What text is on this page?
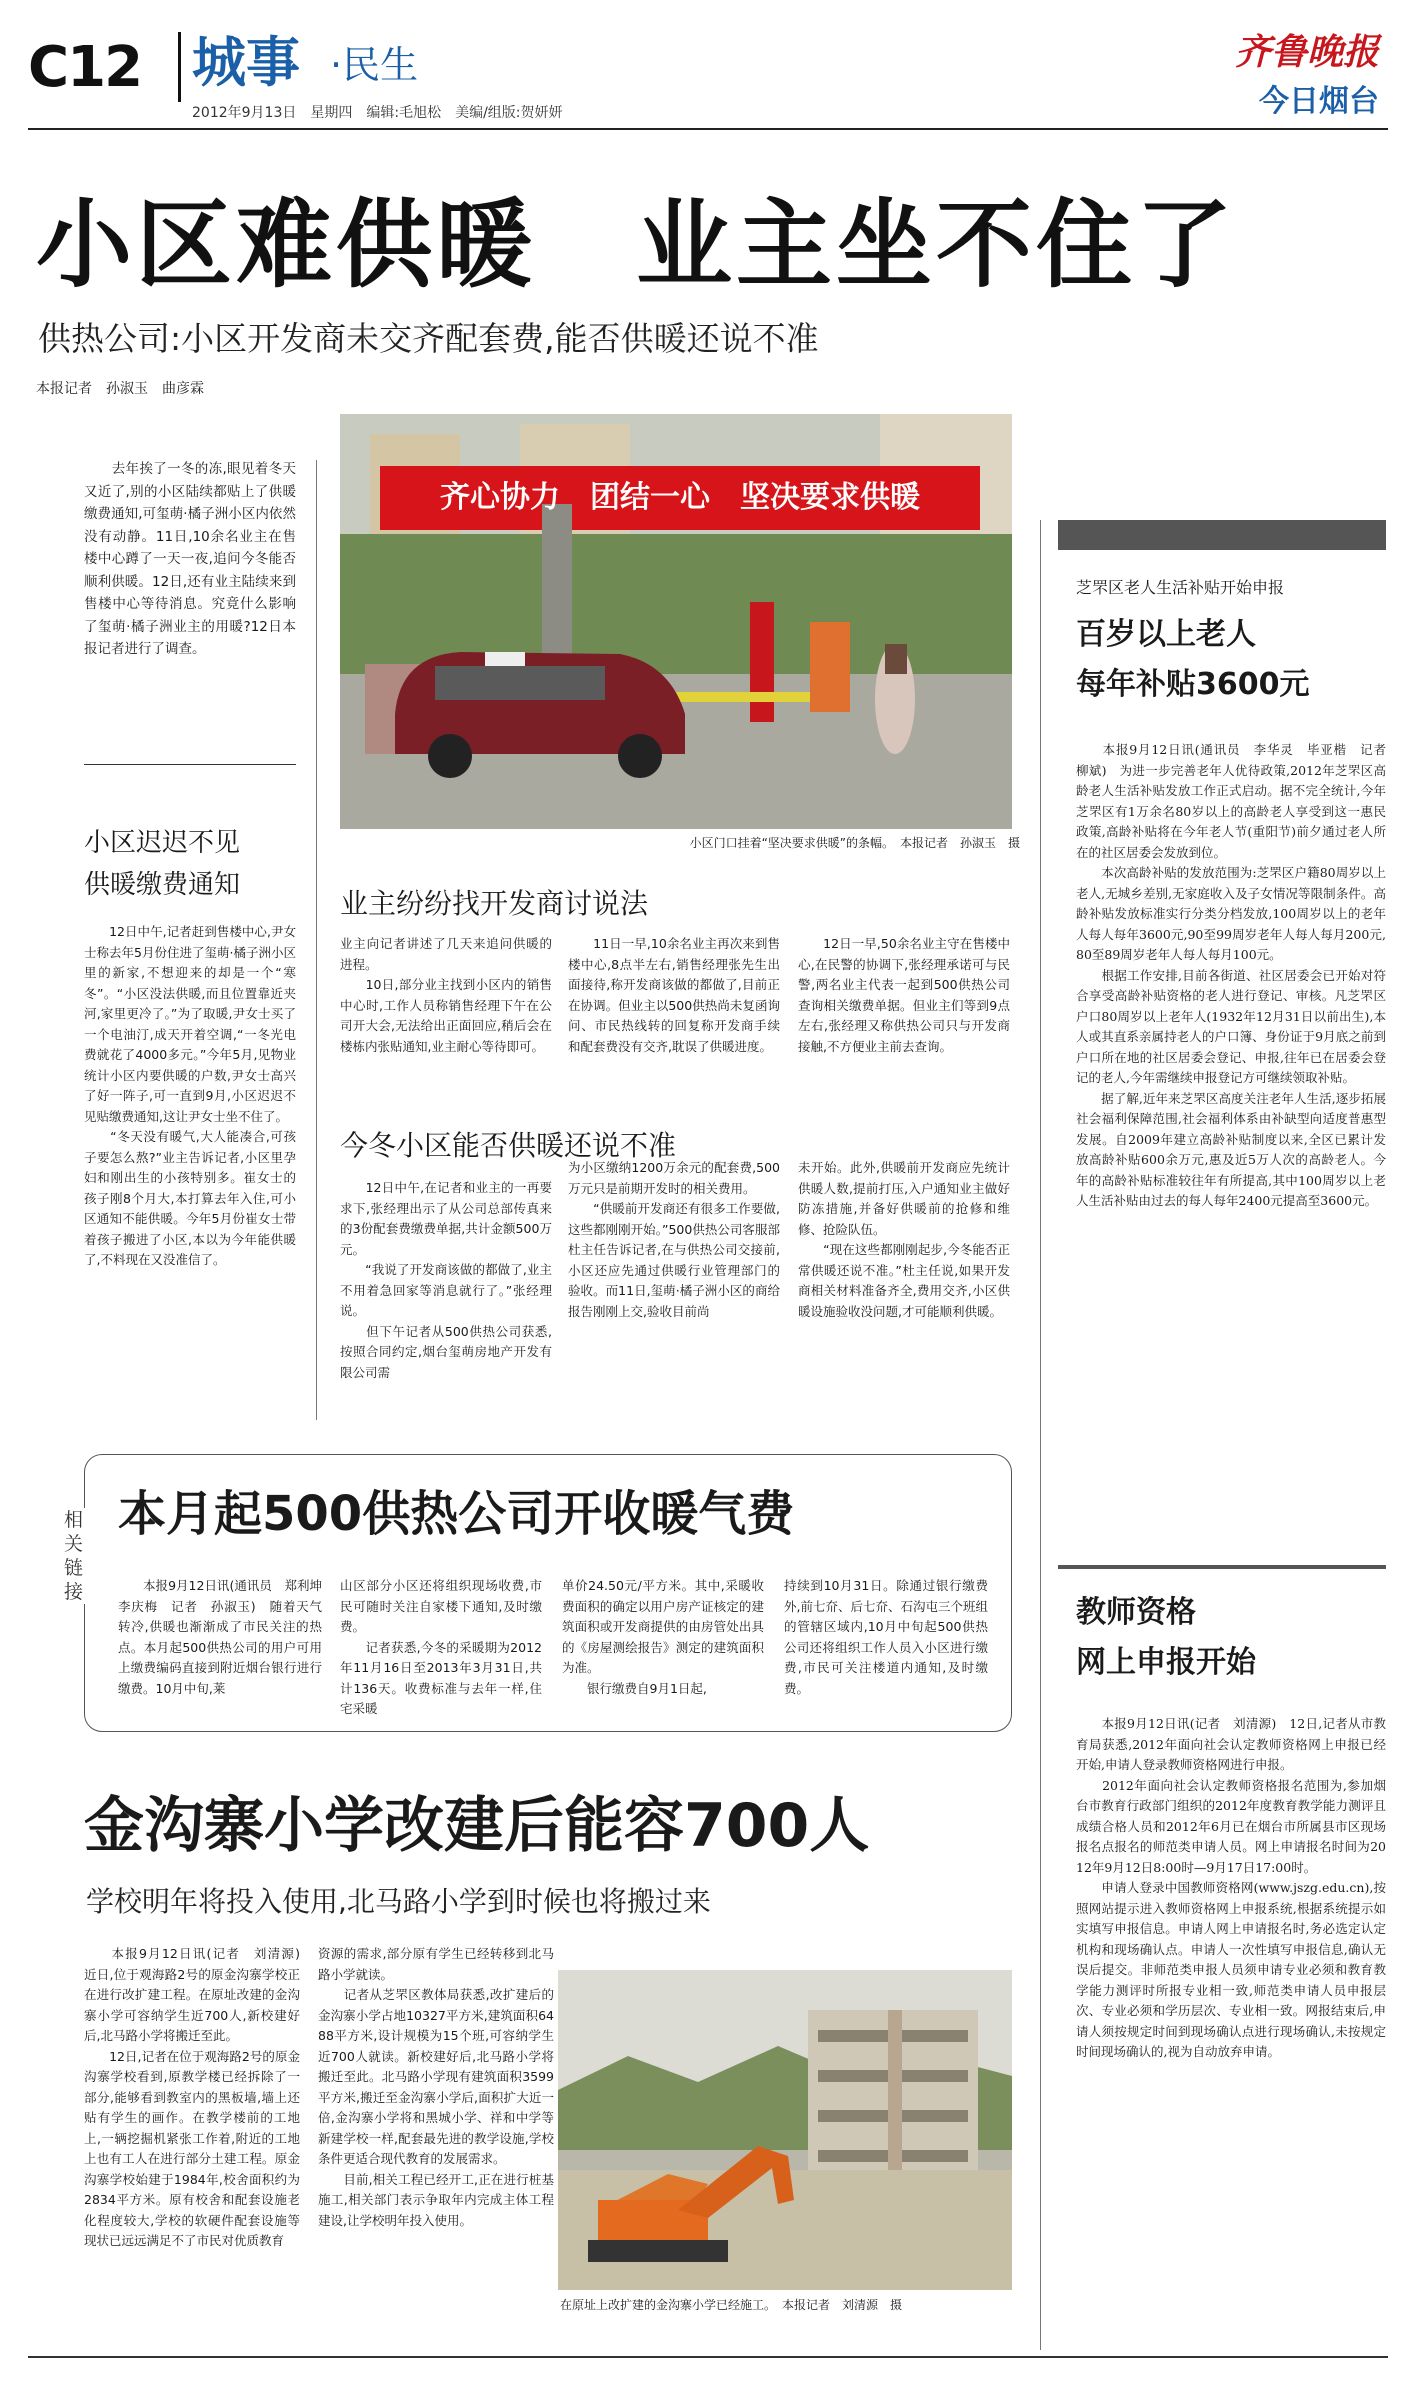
C12 城事 ·民生
2012年9月13日　星期四　编辑:毛旭松　美编/组版:贺妍妍
齐鲁晚报
今日烟台
小区难供暖　业主坐不住了
供热公司:小区开发商未交齐配套费,能否供暖还说不准
本报记者　孙淑玉　曲彦霖
　　去年挨了一冬的冻,眼见着冬天又近了,别的小区陆续都贴上了供暖缴费通知,可玺萌·橘子洲小区内依然没有动静。11日,10余名业主在售楼中心蹲了一天一夜,追问今冬能否顺利供暖。12日,还有业主陆续来到售楼中心等待消息。究竟什么影响了玺萌·橘子洲业主的用暖?12日本报记者进行了调查。
齐心协力　团结一心　坚决要求供暖
小区门口挂着“坚决要求供暖”的条幅。　本报记者　孙淑玉　摄
小区迟迟不见
供暖缴费通知
　　12日中午,记者赶到售楼中心,尹女士称去年5月份住进了玺萌·橘子洲小区里的新家,不想迎来的却是一个“寒冬”。“小区没法供暖,而且位置靠近夹河,家里更冷了。”为了取暖,尹女士买了一个电油汀,成天开着空调,“一冬光电费就花了4000多元。”今年5月,见物业统计小区内要供暖的户数,尹女士高兴了好一阵子,可一直到9月,小区迟迟不见贴缴费通知,这让尹女士坐不住了。
　　“冬天没有暖气,大人能凑合,可孩子要怎么熬?”业主告诉记者,小区里孕妇和刚出生的小孩特别多。崔女士的孩子刚8个月大,本打算去年入住,可小区通知不能供暖。今年5月份崔女士带着孩子搬进了小区,本以为今年能供暖了,不料现在又没准信了。
业主纷纷找开发商讨说法
业主向记者讲述了几天来追问供暖的进程。
　　10日,部分业主找到小区内的销售中心时,工作人员称销售经理下午在公司开大会,无法给出正面回应,稍后会在楼栋内张贴通知,业主耐心等待即可。
　　11日一早,10余名业主再次来到售楼中心,8点半左右,销售经理张先生出面接待,称开发商该做的都做了,目前正在协调。但业主以500供热尚未复函询问、市民热线转的回复称开发商手续和配套费没有交齐,耽误了供暖进度。
　　12日一早,50余名业主守在售楼中心,在民警的协调下,张经理承诺可与民警,两名业主代表一起到500供热公司查询相关缴费单据。但业主们等到9点左右,张经理又称供热公司只与开发商接触,不方便业主前去查询。
今冬小区能否供暖还说不准
　　12日中午,在记者和业主的一再要求下,张经理出示了从公司总部传真来的3份配套费缴费单据,共计金额500万元。
　　“我说了开发商该做的都做了,业主不用着急回家等消息就行了。”张经理说。
　　但下午记者从500供热公司获悉,按照合同约定,烟台玺萌房地产开发有限公司需
为小区缴纳1200万余元的配套费,500万元只是前期开发时的相关费用。
　　“供暖前开发商还有很多工作要做,这些都刚刚开始。”500供热公司客服部杜主任告诉记者,在与供热公司交接前,小区还应先通过供暖行业管理部门的验收。而11日,玺萌·橘子洲小区的商给报告刚刚上交,验收目前尚
未开始。此外,供暖前开发商应先统计供暖人数,提前打压,入户通知业主做好防冻措施,并备好供暖前的抢修和维修、抢险队伍。
　　“现在这些都刚刚起步,今冬能否正常供暖还说不准。”杜主任说,如果开发商相关材料准备齐全,费用交齐,小区供暖设施验收没问题,才可能顺利供暖。
相关链接
本月起500供热公司开收暖气费
　　本报9月12日讯(通讯员　郑利坤　李庆梅　记者　孙淑玉)　随着天气转冷,供暖也渐渐成了市民关注的热点。本月起500供热公司的用户可用上缴费编码直接到附近烟台银行进行缴费。10月中旬,莱
山区部分小区还将组织现场收费,市民可随时关注自家楼下通知,及时缴费。
　　记者获悉,今冬的采暖期为2012年11月16日至2013年3月31日,共计136天。收费标准与去年一样,住宅采暖
单价24.50元/平方米。其中,采暖收费面积的确定以用户房产证核定的建筑面积或开发商提供的由房管处出具的《房屋测绘报告》测定的建筑面积为准。
　　银行缴费自9月1日起,
持续到10月31日。除通过银行缴费外,前七夼、后七夼、石沟屯三个班组的管辖区域内,10月中旬起500供热公司还将组织工作人员入小区进行缴费,市民可关注楼道内通知,及时缴费。
金沟寨小学改建后能容700人
学校明年将投入使用,北马路小学到时候也将搬过来
　　本报9月12日讯(记者　刘清源)　近日,位于观海路2号的原金沟寨学校正在进行改扩建工程。在原址改建的金沟寨小学可容纳学生近700人,新校建好后,北马路小学将搬迁至此。
　　12日,记者在位于观海路2号的原金沟寨学校看到,原教学楼已经拆除了一部分,能够看到教室内的黑板墙,墙上还贴有学生的画作。在教学楼前的工地上,一辆挖掘机紧张工作着,附近的工地上也有工人在进行部分土建工程。原金沟寨学校始建于1984年,校舍面积约为2834平方米。原有校舍和配套设施老化程度较大,学校的软硬件配套设施等现状已远远满足不了市民对优质教育
资源的需求,部分原有学生已经转移到北马路小学就读。
　　记者从芝罘区教体局获悉,改扩建后的金沟寨小学占地10327平方米,建筑面积6488平方米,设计规模为15个班,可容纳学生近700人就读。新校建好后,北马路小学将搬迁至此。北马路小学现有建筑面积3599平方米,搬迁至金沟寨小学后,面积扩大近一倍,金沟寨小学将和黑城小学、祥和中学等新建学校一样,配套最先进的教学设施,学校条件更适合现代教育的发展需求。
　　目前,相关工程已经开工,正在进行桩基施工,相关部门表示争取年内完成主体工程建设,让学校明年投入使用。
在原址上改扩建的金沟寨小学已经施工。　本报记者　刘清源　摄
芝罘区老人生活补贴开始申报
百岁以上老人
每年补贴3600元
　　本报9月12日讯(通讯员　李华灵　毕亚楷　记者　柳斌)　为进一步完善老年人优待政策,2012年芝罘区高龄老人生活补贴发放工作正式启动。据不完全统计,今年芝罘区有1万余名80岁以上的高龄老人享受到这一惠民政策,高龄补贴将在今年老人节(重阳节)前夕通过老人所在的社区居委会发放到位。
　　本次高龄补贴的发放范围为:芝罘区户籍80周岁以上老人,无城乡差别,无家庭收入及子女情况等限制条件。高龄补贴发放标准实行分类分档发放,100周岁以上的老年人每人每年3600元,90至99周岁老年人每人每月200元,80至89周岁老年人每人每月100元。
　　根据工作安排,目前各街道、社区居委会已开始对符合享受高龄补贴资格的老人进行登记、审核。凡芝罘区户口80周岁以上老年人(1932年12月31日以前出生),本人或其直系亲属持老人的户口簿、身份证于9月底之前到户口所在地的社区居委会登记、申报,往年已在居委会登记的老人,今年需继续申报登记方可继续领取补贴。
　　据了解,近年来芝罘区高度关注老年人生活,逐步拓展社会福利保障范围,社会福利体系由补缺型向适度普惠型发展。自2009年建立高龄补贴制度以来,全区已累计发放高龄补贴600余万元,惠及近5万人次的高龄老人。今年的高龄补贴标准较往年有所提高,其中100周岁以上老人生活补贴由过去的每人每年2400元提高至3600元。
教师资格
网上申报开始
　　本报9月12日讯(记者　刘清源)　12日,记者从市教育局获悉,2012年面向社会认定教师资格网上申报已经开始,申请人登录教师资格网进行申报。
　　2012年面向社会认定教师资格报名范围为,参加烟台市教育行政部门组织的2012年度教育教学能力测评且成绩合格人员和2012年6月已在烟台市所属县市区现场报名点报名的师范类申请人员。网上申请报名时间为2012年9月12日8:00时—9月17日17:00时。
　　申请人登录中国教师资格网(www.jszg.edu.cn),按照网站提示进入教师资格网上申报系统,根据系统提示如实填写申报信息。申请人网上申请报名时,务必选定认定机构和现场确认点。申请人一次性填写申报信息,确认无误后提交。非师范类申报人员须申请专业必须和教育教学能力测评时所报专业相一致,师范类申请人员申报层次、专业必须和学历层次、专业相一致。网报结束后,申请人须按规定时间到现场确认点进行现场确认,未按规定时间现场确认的,视为自动放弃申请。
